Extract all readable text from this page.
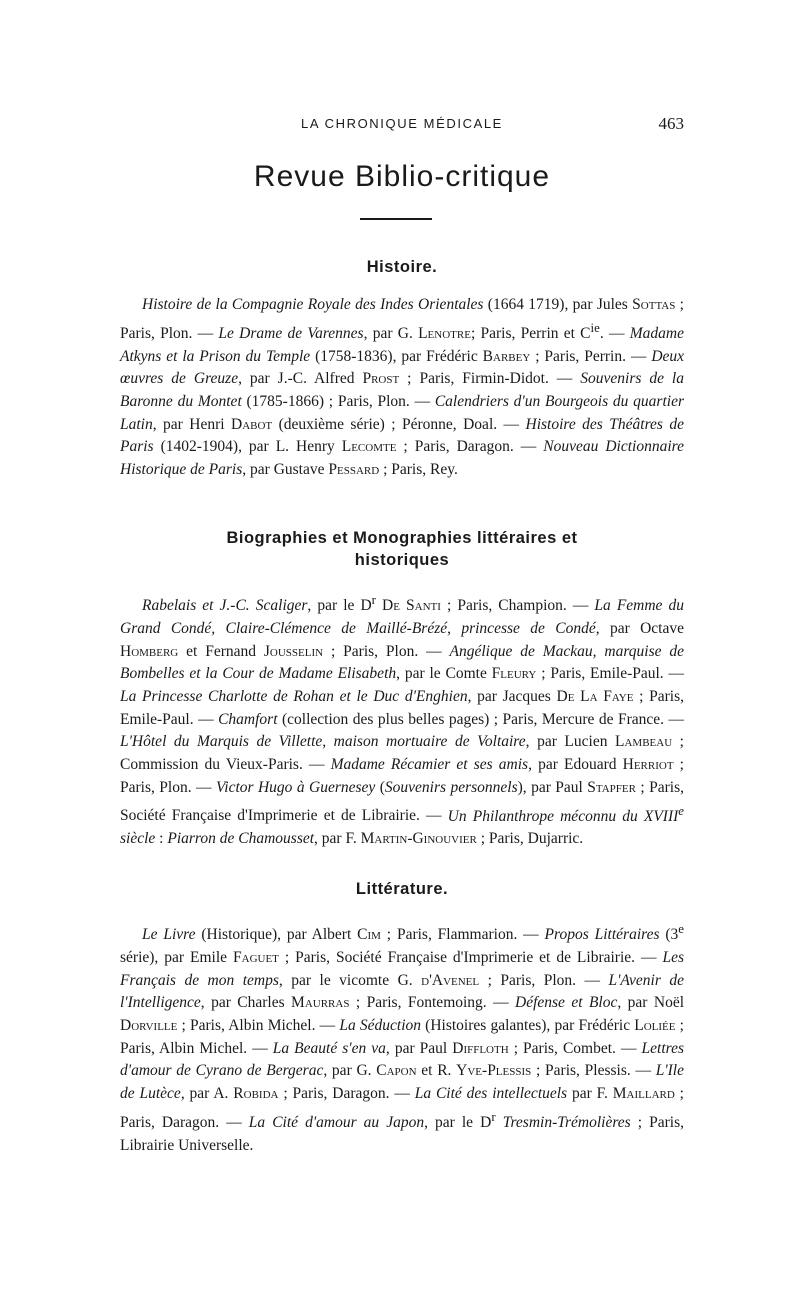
LA CHRONIQUE MÉDICALE	463
Revue Biblio-critique
Histoire.

Histoire de la Compagnie Royale des Indes Orientales (1664 1719), par Jules Sottas ; Paris, Plon. — Le Drame de Varennes, par G. Lenotre; Paris, Perrin et $C^{ie}$. — Madame Atkyns et la Prison du Temple (1758-1836), par Frédéric Barbey ; Paris, Perrin. — Deux œuvres de Greuze, par J.-C. Alfred Prost ; Paris, Firmin-Didot. — Souvenirs de la Baronne du Montet (1785-1866) ; Paris, Plon. — Calendriers d'un Bourgeois du quartier Latin, par Henri Dabot (deuxième série) ; Péronne, Doal. — Histoire des Théâtres de Paris (1402-1904), par L. Henry Lecomte ; Paris, Daragon. — Nouveau Dictionnaire Historique de Paris, par Gustave Pessard ; Paris, Rey.

Biographies et Monographies littéraires et historiques

Rabelais et J.-C. Scaliger, par le $D^r$ De Santi ; Paris, Champion. — La Femme du Grand Condé, Claire-Clémence de Maillé-Brézé, princesse de Condé, par Octave Homberg et Fernand Jousselin ; Paris, Plon. — Angélique de Mackau, marquise de Bombelles et la Cour de Madame Elisabeth, par le Comte Fleury ; Paris, Emile-Paul. — La Princesse Charlotte de Rohan et le Duc d'Enghien, par Jacques De La Faye ; Paris, Emile-Paul. — Chamfort (collection des plus belles pages) ; Paris, Mercure de France. — L'Hôtel du Marquis de Villette, maison mortuaire de Voltaire, par Lucien Lambeau ; Commission du Vieux-Paris. — Madame Récamier et ses amis, par Edouard Herriot ; Paris, Plon. — Victor Hugo à Guernesey (Souvenirs personnels), par Paul Stapfer ; Paris, Société Française d'Imprimerie et de Librairie. — Un Philanthrope méconnu du XVIIIe siècle : Piarron de Chamousset, par F. Martin-Ginouvier ; Paris, Dujarric.

Littérature.

Le Livre (Historique), par Albert Cim ; Paris, Flammarion. — Propos Littéraires (3e série), par Emile Faguet ; Paris, Société Française d'Imprimerie et de Librairie. — Les Français de mon temps, par le vicomte G. d'Avenel ; Paris, Plon. — L'Avenir de l'Intelligence, par Charles Maurras ; Paris, Fontemoing. — Défense et Bloc, par Noël Dorville ; Paris, Albin Michel. — La Séduction (Histoires galantes), par Frédéric Loliée ; Paris, Albin Michel. — La Beauté s'en va, par Paul Diffloth ; Paris, Combet. — Lettres d'amour de Cyrano de Bergerac, par G. Capon et R. Yve-Plessis ; Paris, Plessis. — L'Ile de Lutèce, par A. Robida ; Paris, Daragon. — La Cité des intellectuels par F. Maillard ; Paris, Daragon. — La Cité d'amour au Japon, par le $D^r$ Tresmin-Trémolières ; Paris, Librairie Universelle.
